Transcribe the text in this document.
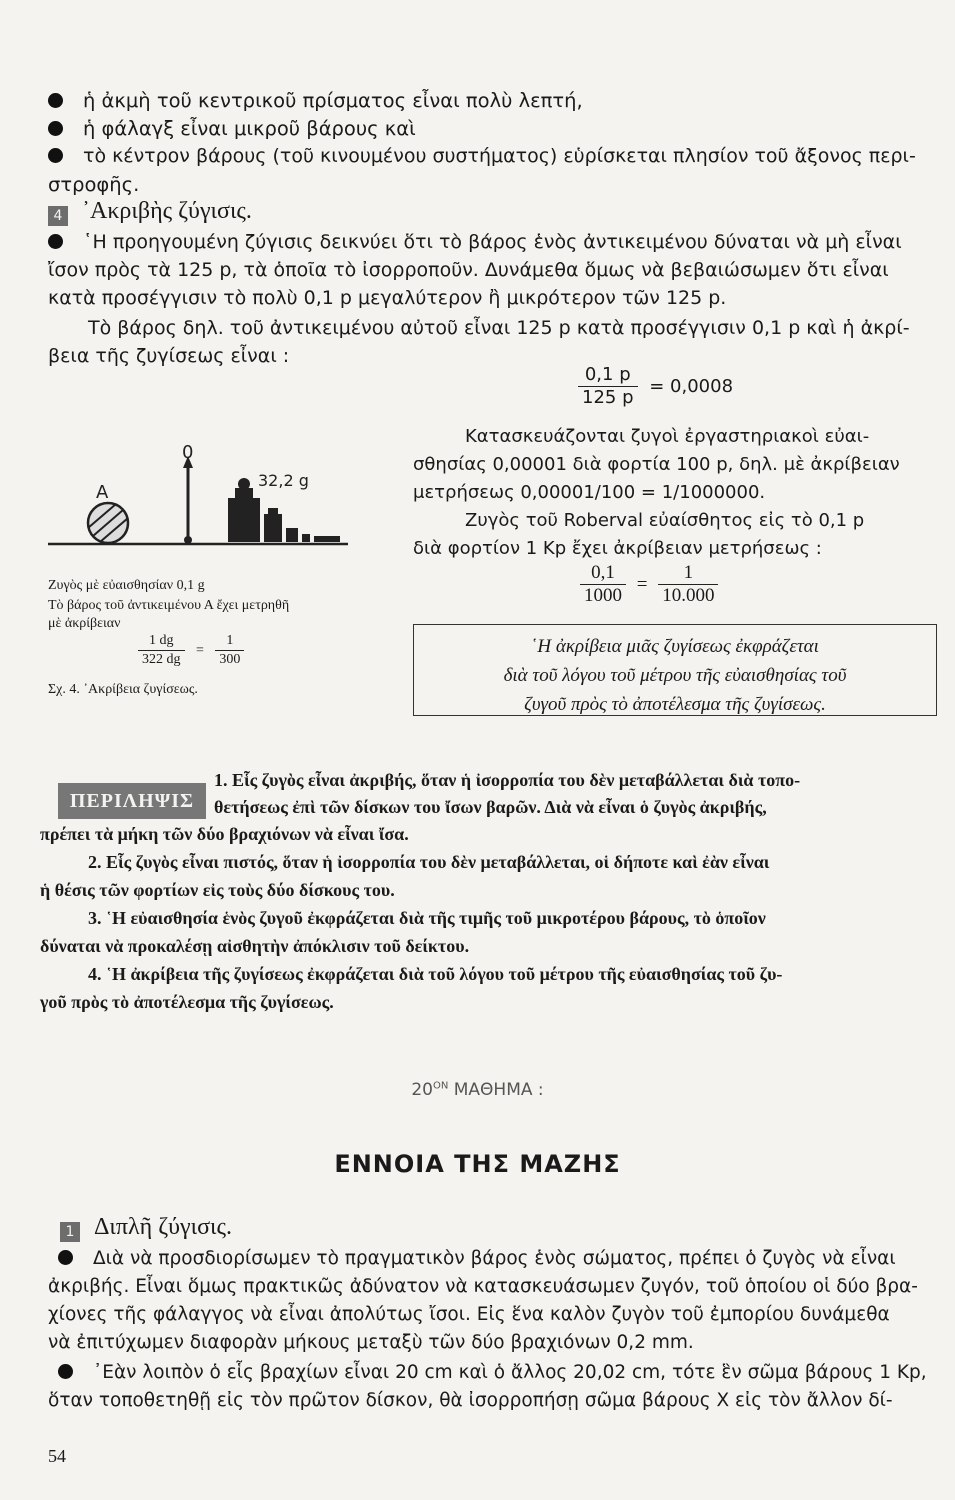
ἡ ἀκμὴ τοῦ κεντρικοῦ πρίσματος εἶναι πολὺ λεπτή,
ἡ φάλαγξ εἶναι μικροῦ βάρους καὶ
τὸ κέντρον βάρους (τοῦ κινουμένου συστήματος) εὑρίσκεται πλησίον τοῦ ἄξονος περι-
στροφῆς.
4 ᾿Ακριβὴς ζύγισις.
῾Η προηγουμένη ζύγισις δεικνύει ὅτι τὸ βάρος ἑνὸς ἀντικειμένου δύναται νὰ μὴ εἶναι
ἴσον πρὸς τὰ 125 p, τὰ ὁποῖα τὸ ἰσορροποῦν. Δυνάμεθα ὅμως νὰ βεβαιώσωμεν ὅτι εἶναι
κατὰ προσέγγισιν τὸ πολὺ 0,1 p μεγαλύτερον ἢ μικρότερον τῶν 125 p.
Τὸ βάρος δηλ. τοῦ ἀντικειμένου αὐτοῦ εἶναι 125 p κατὰ προσέγγισιν 0,1 p καὶ ἡ ἀκρί-
βεια τῆς ζυγίσεως εἶναι :
$\frac{0,1 p}{125 p} = 0,0008$
Κατασκευάζονται ζυγοὶ ἐργαστηριακοὶ εὐαι-
σθησίας 0,00001 διὰ φορτία 100 p, δηλ. μὲ ἀκρίβειαν
μετρήσεως 0,00001/100 = 1/1000000.
Ζυγὸς τοῦ Roberval εὐαίσθητος εἰς τὸ 0,1 p
διὰ φορτίον 1 Kp ἔχει ἀκρίβειαν μετρήσεως :
$\frac{0,1}{1000} = \frac{1}{10.000}$
῾Η ἀκρίβεια μιᾶς ζυγίσεως ἐκφράζεται
διὰ τοῦ λόγου τοῦ μέτρου τῆς εὐαισθησίας τοῦ
ζυγοῦ πρὸς τὸ ἀποτέλεσμα τῆς ζυγίσεως.
0
A
32,2 g
Ζυγὸς μὲ εὐαισθησίαν 0,1 g
Τὸ βάρος τοῦ ἀντικειμένου Α ἔχει μετρηθῆ
μὲ ἀκρίβειαν
$\frac{1 dg}{322 dg} = \frac{1}{300}$
Σχ. 4. ᾿Ακρίβεια ζυγίσεως.
ΠΕΡΙΛΗΨΙΣ
1. Εἷς ζυγὸς εἶναι ἀκριβής, ὅταν ἡ ἰσορροπία του δὲν μεταβάλλεται διὰ τοπο-
θετήσεως ἐπὶ τῶν δίσκων του ἴσων βαρῶν. Διὰ νὰ εἶναι ὁ ζυγὸς ἀκριβής,
πρέπει τὰ μήκη τῶν δύο βραχιόνων νὰ εἶναι ἴσα.
2. Εἷς ζυγὸς εἶναι πιστός, ὅταν ἡ ἰσορροπία του δὲν μεταβάλλεται, οἱ δήποτε καὶ ἐὰν εἶναι
ἡ θέσις τῶν φορτίων εἰς τοὺς δύο δίσκους του.
3. ῾Η εὐαισθησία ἑνὸς ζυγοῦ ἐκφράζεται διὰ τῆς τιμῆς τοῦ μικροτέρου βάρους, τὸ ὁποῖον
δύναται νὰ προκαλέσῃ αἰσθητὴν ἀπόκλισιν τοῦ δείκτου.
4. ῾Η ἀκρίβεια τῆς ζυγίσεως ἐκφράζεται διὰ τοῦ λόγου τοῦ μέτρου τῆς εὐαισθησίας τοῦ ζυ-
γοῦ πρὸς τὸ ἀποτέλεσμα τῆς ζυγίσεως.
$20^{ON}$ ΜΑΘΗΜΑ :
ΕΝΝΟΙΑ ΤΗΣ ΜΑΖΗΣ
1 Διπλῆ ζύγισις.
Διὰ νὰ προσδιορίσωμεν τὸ πραγματικὸν βάρος ἑνὸς σώματος, πρέπει ὁ ζυγὸς νὰ εἶναι
ἀκριβής. Εἶναι ὅμως πρακτικῶς ἀδύνατον νὰ κατασκευάσωμεν ζυγόν, τοῦ ὁποίου οἱ δύο βρα-
χίονες τῆς φάλαγγος νὰ εἶναι ἀπολύτως ἴσοι. Εἰς ἕνα καλὸν ζυγὸν τοῦ ἐμπορίου δυνάμεθα
νὰ ἐπιτύχωμεν διαφορὰν μήκους μεταξὺ τῶν δύο βραχιόνων 0,2 mm.
᾿Εὰν λοιπὸν ὁ εἷς βραχίων εἶναι 20 cm καὶ ὁ ἄλλος 20,02 cm, τότε ἓν σῶμα βάρους 1 Kp,
ὅταν τοποθετηθῇ εἰς τὸν πρῶτον δίσκον, θὰ ἰσορροπήσῃ σῶμα βάρους Χ εἰς τὸν ἄλλον δί-
54
